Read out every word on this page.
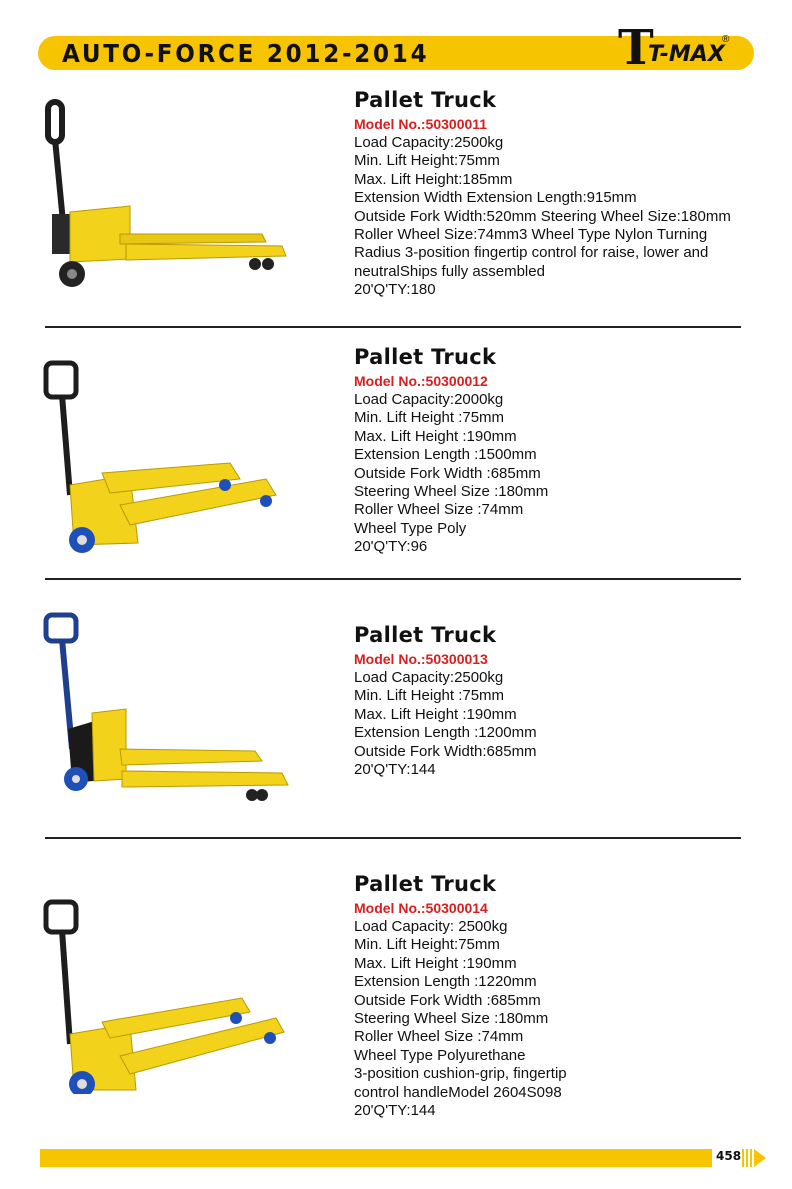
AUTO-FORCE 2012-2014	T
T-MAX
®
Pallet Truck
Model No.:50300011
Load Capacity:2500kg
Min. Lift Height:75mm
Max. Lift Height:185mm
Extension Width Extension Length:915mm
Outside Fork Width:520mm Steering Wheel Size:180mm
Roller Wheel Size:74mm3 Wheel Type Nylon Turning
Radius 3-position fingertip control for raise, lower and
neutralShips fully assembled
20'Q'TY:180
Pallet Truck
Model No.:50300012
Load Capacity:2000kg
Min. Lift Height :75mm
Max. Lift Height :190mm
Extension Length :1500mm
Outside Fork Width :685mm
Steering Wheel Size :180mm
Roller Wheel Size :74mm
Wheel Type Poly
20'Q'TY:96
Pallet Truck
Model No.:50300013
Load Capacity:2500kg
Min. Lift Height :75mm
Max. Lift Height :190mm
Extension Length :1200mm
Outside Fork Width:685mm
20'Q'TY:144
Pallet Truck
Model No.:50300014
Load Capacity: 2500kg
Min. Lift Height:75mm
Max. Lift Height :190mm
Extension Length :1220mm
Outside Fork Width :685mm
Steering Wheel Size :180mm
Roller Wheel Size :74mm
Wheel Type Polyurethane
3-position cushion-grip, fingertip
control handleModel 2604S098
20'Q'TY:144
458
